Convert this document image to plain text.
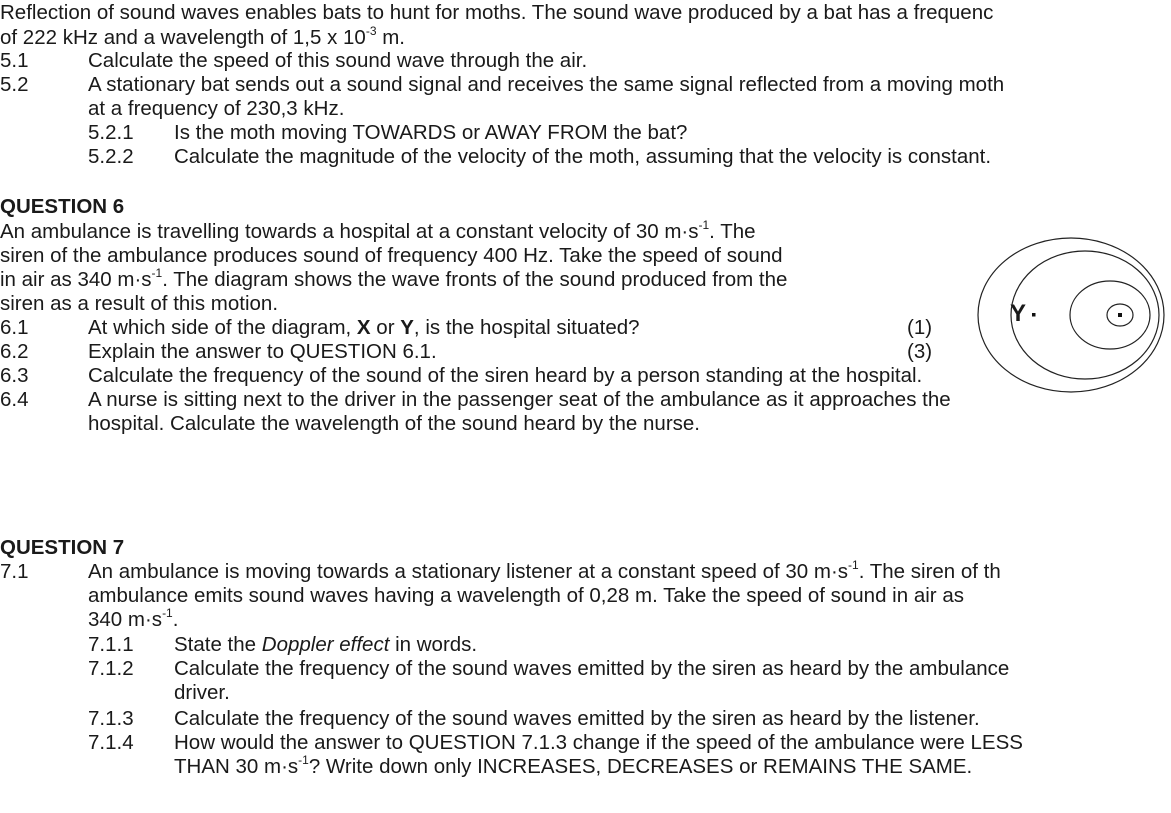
Reflection of sound waves enables bats to hunt for moths. The sound wave produced by a bat has a frequenc
of 222 kHz and a wavelength of 1,5 x $10^{-3}$ m.
5.1	Calculate the speed of this sound wave through the air.
5.2	A stationary bat sends out a sound signal and receives the same signal reflected from a moving moth
at a frequency of 230,3 kHz.
5.2.1 Is the moth moving TOWARDS or AWAY FROM the bat?
5.2.2 Calculate the magnitude of the velocity of the moth, assuming that the velocity is constant.
QUESTION 6
An ambulance is travelling towards a hospital at a constant velocity of 30 $m\cdot s^{-1}$. The
siren of the ambulance produces sound of frequency 400 Hz. Take the speed of sound
in air as 340 $m\cdot s^{-1}$. The diagram shows the wave fronts of the sound produced from the
siren as a result of this motion.
6.1	At which side of the diagram, X or Y, is the hospital situated?	(1)
6.2	Explain the answer to QUESTION 6.1.	(3)
6.3	Calculate the frequency of the sound of the siren heard by a person standing at the hospital.
6.4	A nurse is sitting next to the driver in the passenger seat of the ambulance as it approaches the
hospital. Calculate the wavelength of the sound heard by the nurse.
Y
QUESTION 7
7.1	An ambulance is moving towards a stationary listener at a constant speed of 30 $m\cdot s^{-1}$. The siren of th
ambulance emits sound waves having a wavelength of 0,28 m. Take the speed of sound in air as
340 $m\cdot s^{-1}$.
7.1.1 State the Doppler effect in words.
7.1.2 Calculate the frequency of the sound waves emitted by the siren as heard by the ambulance
driver.
7.1.3 Calculate the frequency of the sound waves emitted by the siren as heard by the listener.
7.1.4 How would the answer to QUESTION 7.1.3 change if the speed of the ambulance were LESS
THAN 30 $m\cdot s^{-1}$? Write down only INCREASES, DECREASES or REMAINS THE SAME.
